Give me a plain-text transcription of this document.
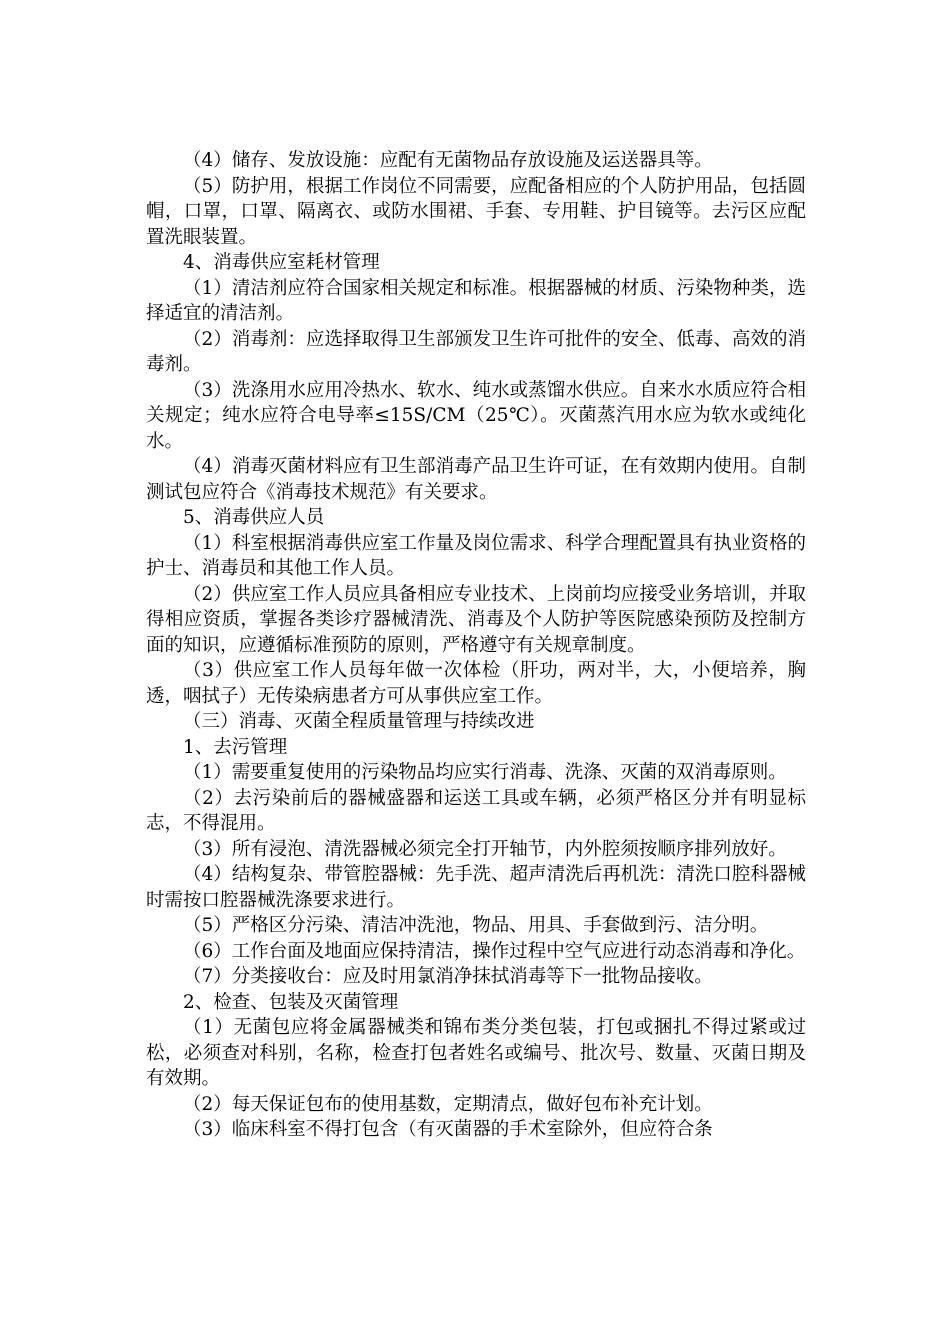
（4）储存、发放设施：应配有无菌物品存放设施及运送器具等。

（5）防护用，根据工作岗位不同需要，应配备相应的个人防护用品，包括圆帽，口罩，口罩、隔离衣、或防水围裙、手套、专用鞋、护目镜等。去污区应配置洗眼装置。

4、消毒供应室耗材管理

（1）清洁剂应符合国家相关规定和标准。根据器械的材质、污染物种类，选择适宜的清洁剂。

（2）消毒剂：应选择取得卫生部颁发卫生许可批件的安全、低毒、高效的消毒剂。

（3）洗涤用水应用冷热水、软水、纯水或蒸馏水供应。自来水水质应符合相关规定；纯水应符合电导率≤15S/CM（25℃）。灭菌蒸汽用水应为软水或纯化水。

（4）消毒灭菌材料应有卫生部消毒产品卫生许可证，在有效期内使用。自制测试包应符合《消毒技术规范》有关要求。

5、消毒供应人员

（1）科室根据消毒供应室工作量及岗位需求、科学合理配置具有执业资格的护士、消毒员和其他工作人员。

（2）供应室工作人员应具备相应专业技术、上岗前均应接受业务培训，并取得相应资质，掌握各类诊疗器械清洗、消毒及个人防护等医院感染预防及控制方面的知识，应遵循标准预防的原则，严格遵守有关规章制度。

（3）供应室工作人员每年做一次体检（肝功，两对半，大，小便培养，胸透，咽拭子）无传染病患者方可从事供应室工作。

（三）消毒、灭菌全程质量管理与持续改进

1、去污管理

（1）需要重复使用的污染物品均应实行消毒、洗涤、灭菌的双消毒原则。

（2）去污染前后的器械盛器和运送工具或车辆，必须严格区分并有明显标志，不得混用。

（3）所有浸泡、清洗器械必须完全打开轴节，内外腔须按顺序排列放好。

（4）结构复杂、带管腔器械：先手洗、超声清洗后再机洗：清洗口腔科器械时需按口腔器械洗涤要求进行。

（5）严格区分污染、清洁冲洗池，物品、用具、手套做到污、洁分明。

（6）工作台面及地面应保持清洁，操作过程中空气应进行动态消毒和净化。

（7）分类接收台：应及时用氯消净抹拭消毒等下一批物品接收。

2、检查、包装及灭菌管理

（1）无菌包应将金属器械类和锦布类分类包装，打包或捆扎不得过紧或过松，必须查对科别，名称，检查打包者姓名或编号、批次号、数量、灭菌日期及有效期。

（2）每天保证包布的使用基数，定期清点，做好包布补充计划。

（3）临床科室不得打包含（有灭菌器的手术室除外，但应符合条
